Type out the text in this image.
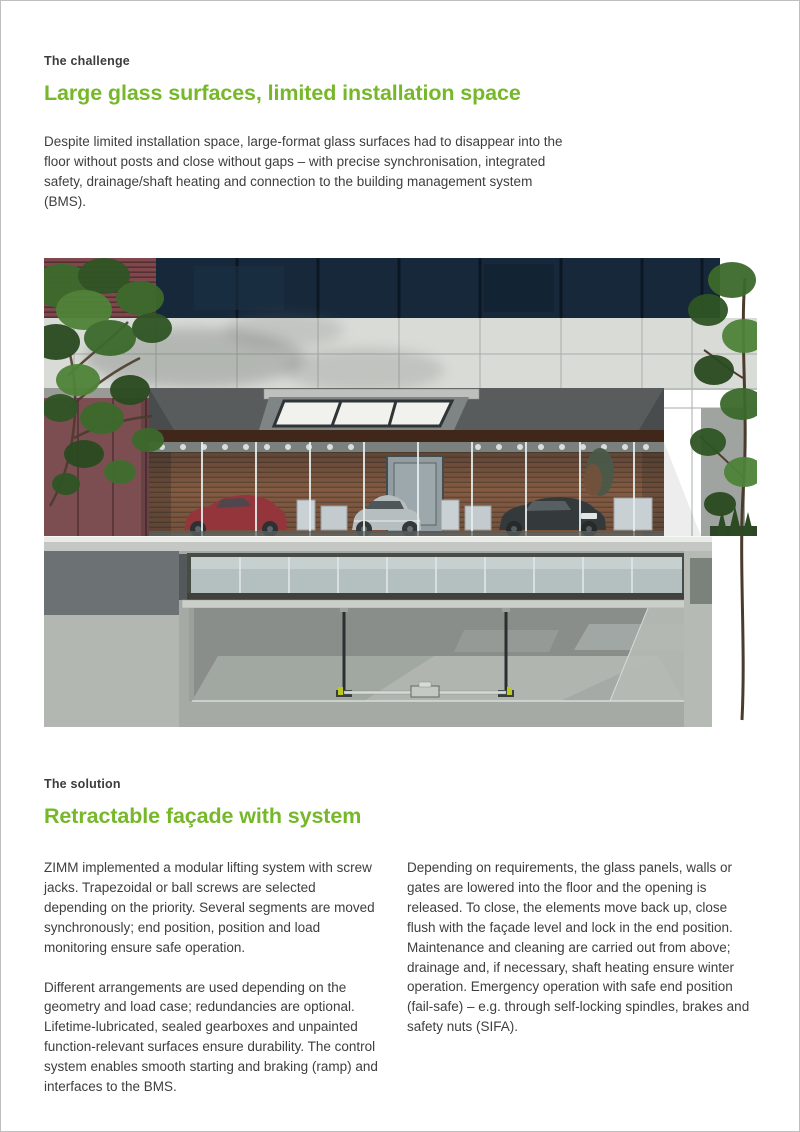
The challenge
Large glass surfaces, limited installation space

Despite limited installation space, large-format glass surfaces had to disappear into the floor without posts and close without gaps – with precise synchronisation, integrated safety, drainage/shaft heating and connection to the building management system (BMS).

The solution
Retractable façade with system

ZIMM implemented a modular lifting system with screw jacks. Trapezoidal or ball screws are selected depending on the priority. Several segments are moved synchronously; end position, position and load monitoring ensure safe operation.

Different arrangements are used depending on the geometry and load case; redundancies are optional. Lifetime-lubricated, sealed gearboxes and unpainted function-relevant surfaces ensure durability. The control system enables smooth starting and braking (ramp) and interfaces to the BMS.

Depending on requirements, the glass panels, walls or gates are lowered into the floor and the opening is released. To close, the elements move back up, close flush with the façade level and lock in the end position. Maintenance and cleaning are carried out from above; drainage and, if necessary, shaft heating ensure winter operation. Emergency operation with safe end position (fail-safe) – e.g. through self-locking spindles, brakes and safety nuts (SIFA).
